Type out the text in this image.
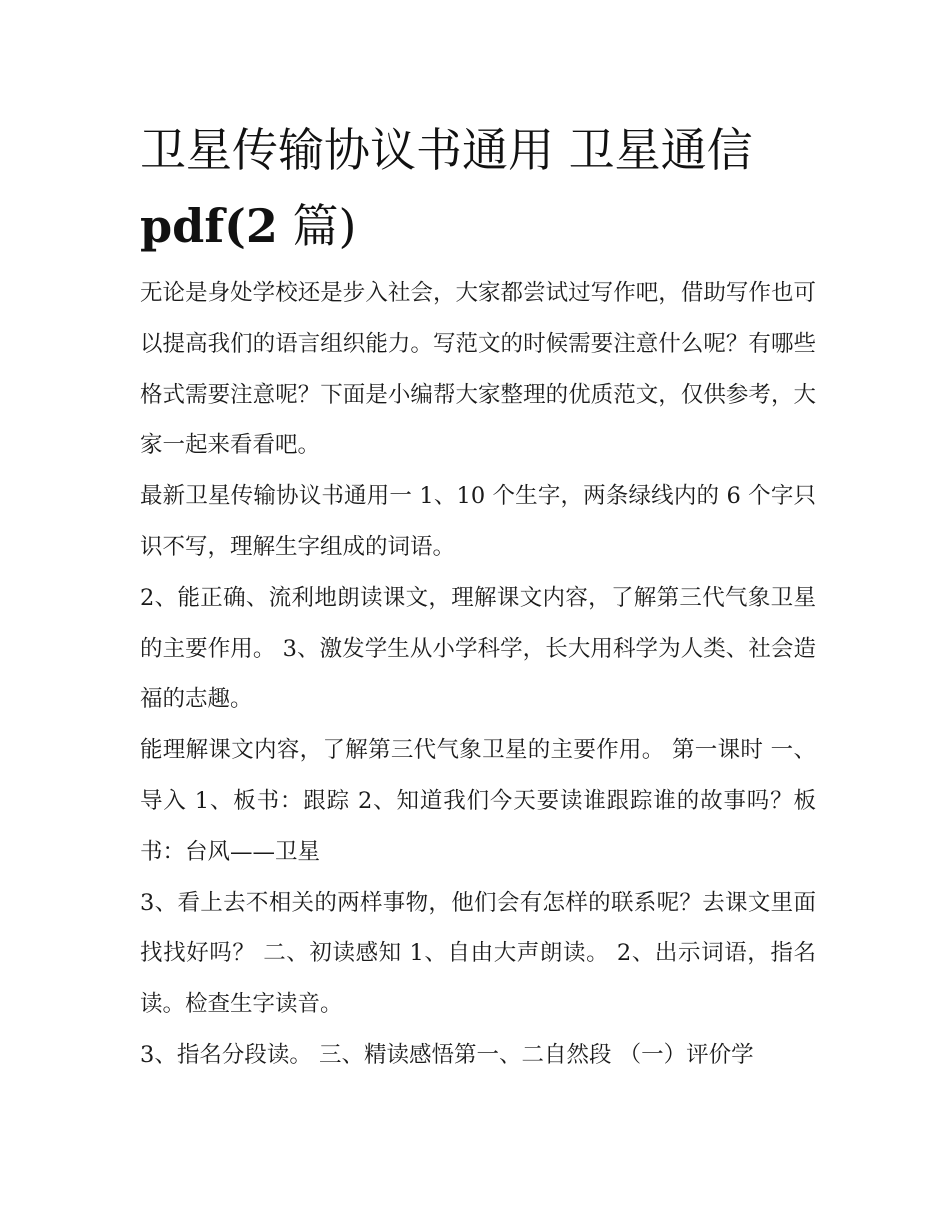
卫星传输协议书通用 卫星通信
pdf(2 篇)

无论是身处学校还是步入社会，大家都尝试过写作吧，借助写作也可以提高我们的语言组织能力。写范文的时候需要注意什么呢？有哪些格式需要注意呢？下面是小编帮大家整理的优质范文，仅供参考，大家一起来看看吧。

最新卫星传输协议书通用一 1、10 个生字，两条绿线内的 6 个字只识不写，理解生字组成的词语。

2、能正确、流利地朗读课文，理解课文内容，了解第三代气象卫星的主要作用。 3、激发学生从小学科学，长大用科学为人类、社会造福的志趣。

能理解课文内容，了解第三代气象卫星的主要作用。 第一课时 一、导入 1、板书：跟踪 2、知道我们今天要读谁跟踪谁的故事吗？板书：台风——卫星

3、看上去不相关的两样事物，他们会有怎样的联系呢？去课文里面找找好吗？ 二、初读感知 1、自由大声朗读。 2、出示词语，指名读。检查生字读音。

3、指名分段读。 三、精读感悟第一、二自然段 （一）评价学
